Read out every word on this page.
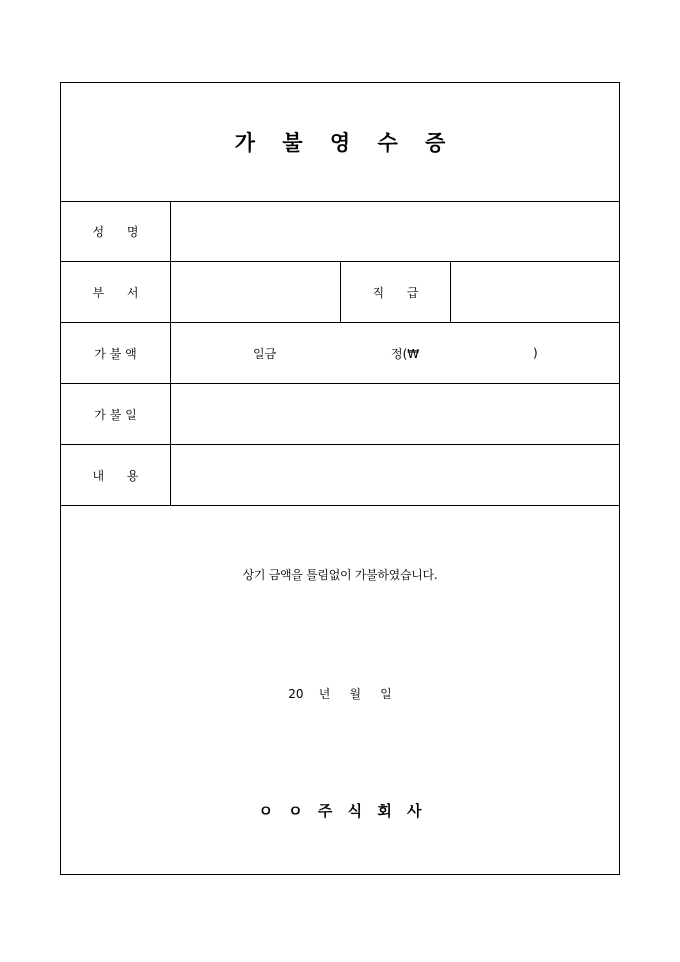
가 불 영 수 증
성      명
부      서	직      급
가 불 액	일금	정(₩	)
가 불 일
내      용
상기 금액을 틀림없이 가불하였습니다.
20    년     월     일
ㅇ ㅇ 주 식 회 사
